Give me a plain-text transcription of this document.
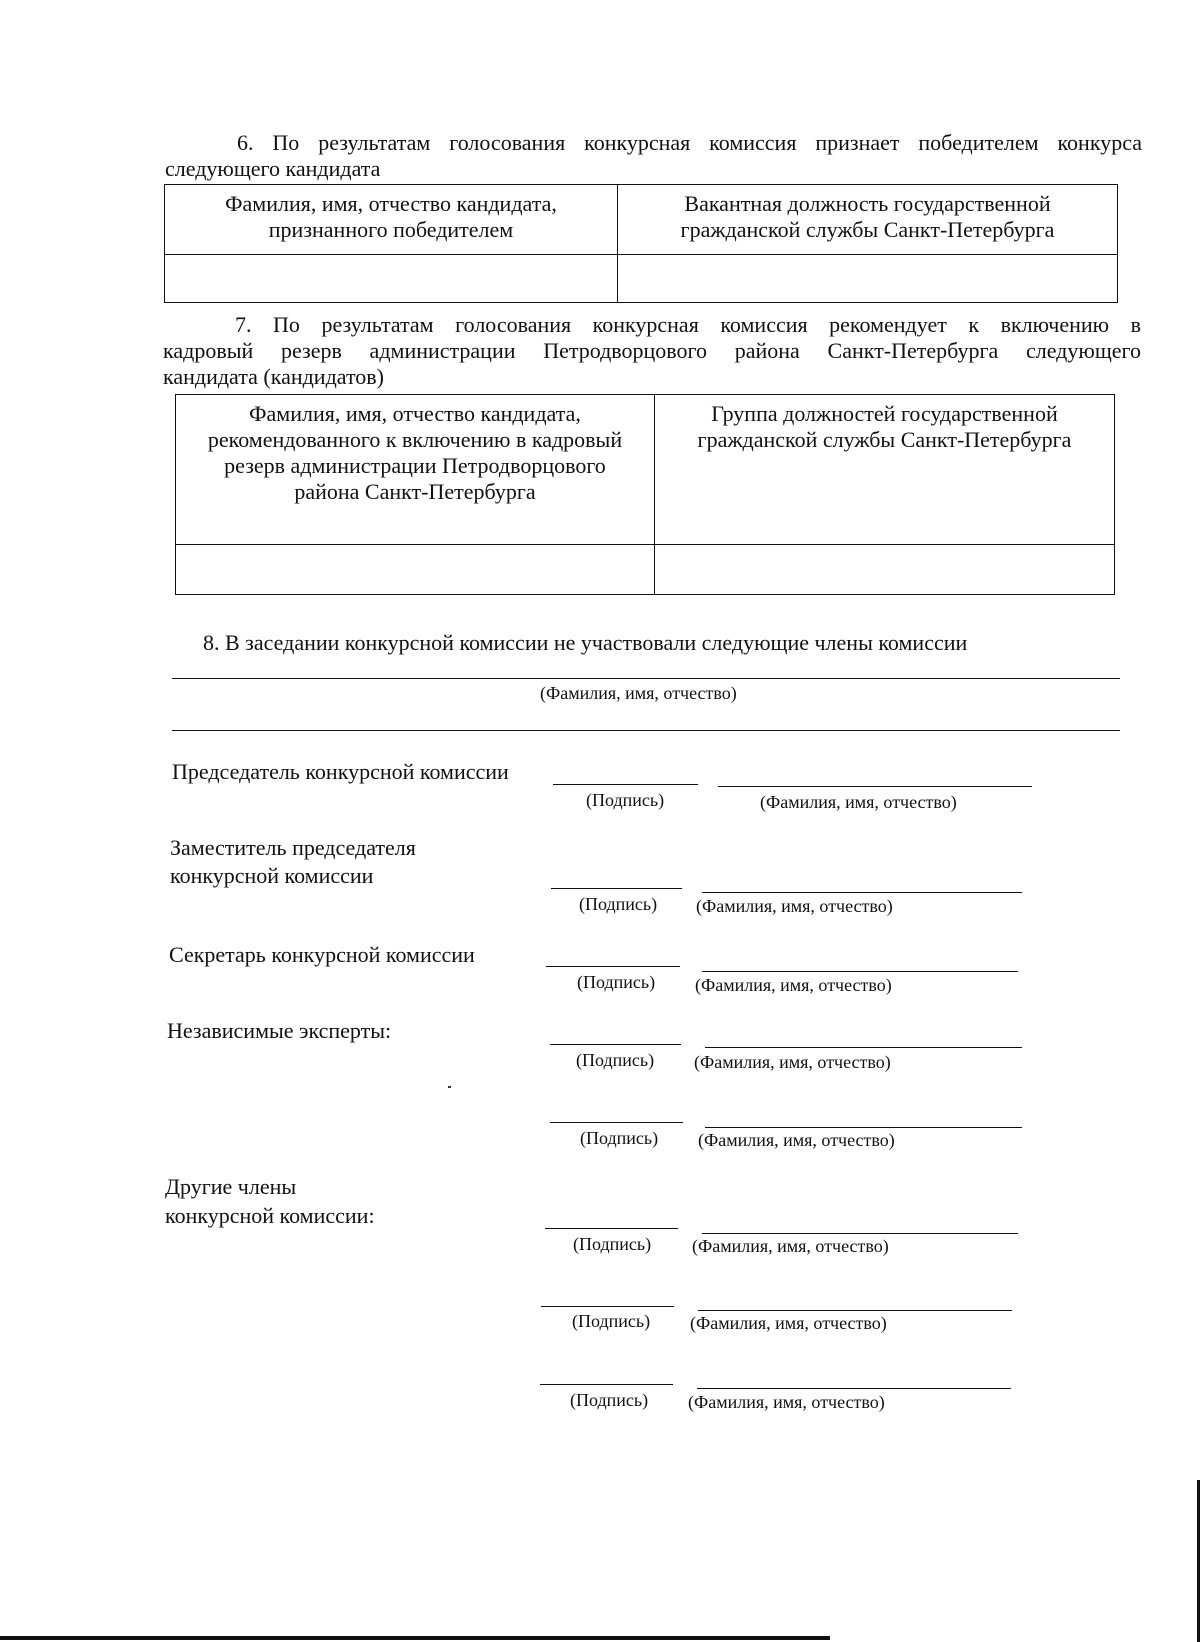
6. По результатам голосования конкурсная комиссия признает победителем конкурса
следующего кандидата
Фамилия, имя, отчество кандидата, признанного победителем	Вакантная должность государственной гражданской службы Санкт-Петербурга

7. По результатам голосования конкурсная комиссия рекомендует к включению в
кадровый резерв администрации Петродворцового района Санкт-Петербурга следующего
кандидата (кандидатов)
Фамилия, имя, отчество кандидата, рекомендованного к включению в кадровый резерв администрации Петродворцового района Санкт-Петербурга	Группа должностей государственной гражданской службы Санкт-Петербурга

8. В заседании конкурсной комиссии не участвовали следующие члены комиссии
(Фамилия, имя, отчество)
Председатель конкурсной комиссии
(Подпись)	(Фамилия, имя, отчество)
Заместитель председателя
конкурсной комиссии
(Подпись) (Фамилия, имя, отчество)
Секретарь конкурсной комиссии
(Подпись) (Фамилия, имя, отчество)
Независимые эксперты:
(Подпись) (Фамилия, имя, отчество)
(Подпись) (Фамилия, имя, отчество)
Другие члены
конкурсной комиссии:
(Подпись) (Фамилия, имя, отчество)
(Подпись) (Фамилия, имя, отчество)
(Подпись) (Фамилия, имя, отчество)
